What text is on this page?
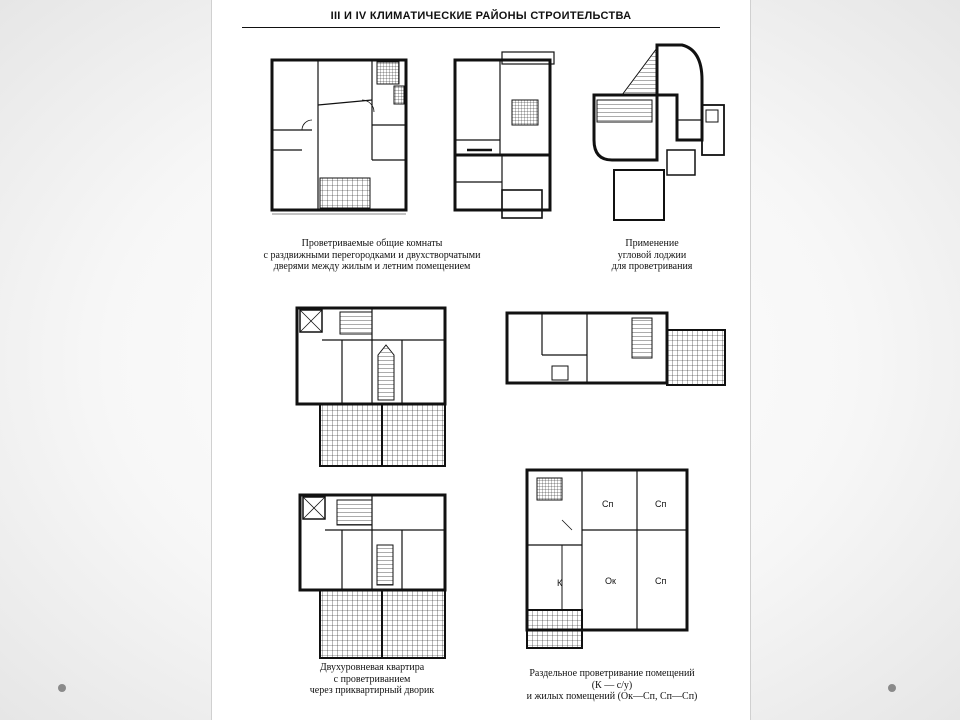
III И IV КЛИМАТИЧЕСКИЕ РАЙОНЫ СТРОИТЕЛЬСТВА
Сп	Сп
Ок	Сп
К
Проветриваемые общие комнаты
с раздвижными перегородками и двухстворчатыми
дверями между жилым и летним помещением
Применение
угловой лоджии
для проветривания
Двухуровневая квартира
с проветриванием
через приквартирный дворик
Раздельное проветривание помещений
(К — с/у)
и жилых помещений (Ок—Сп, Сп—Сп)
